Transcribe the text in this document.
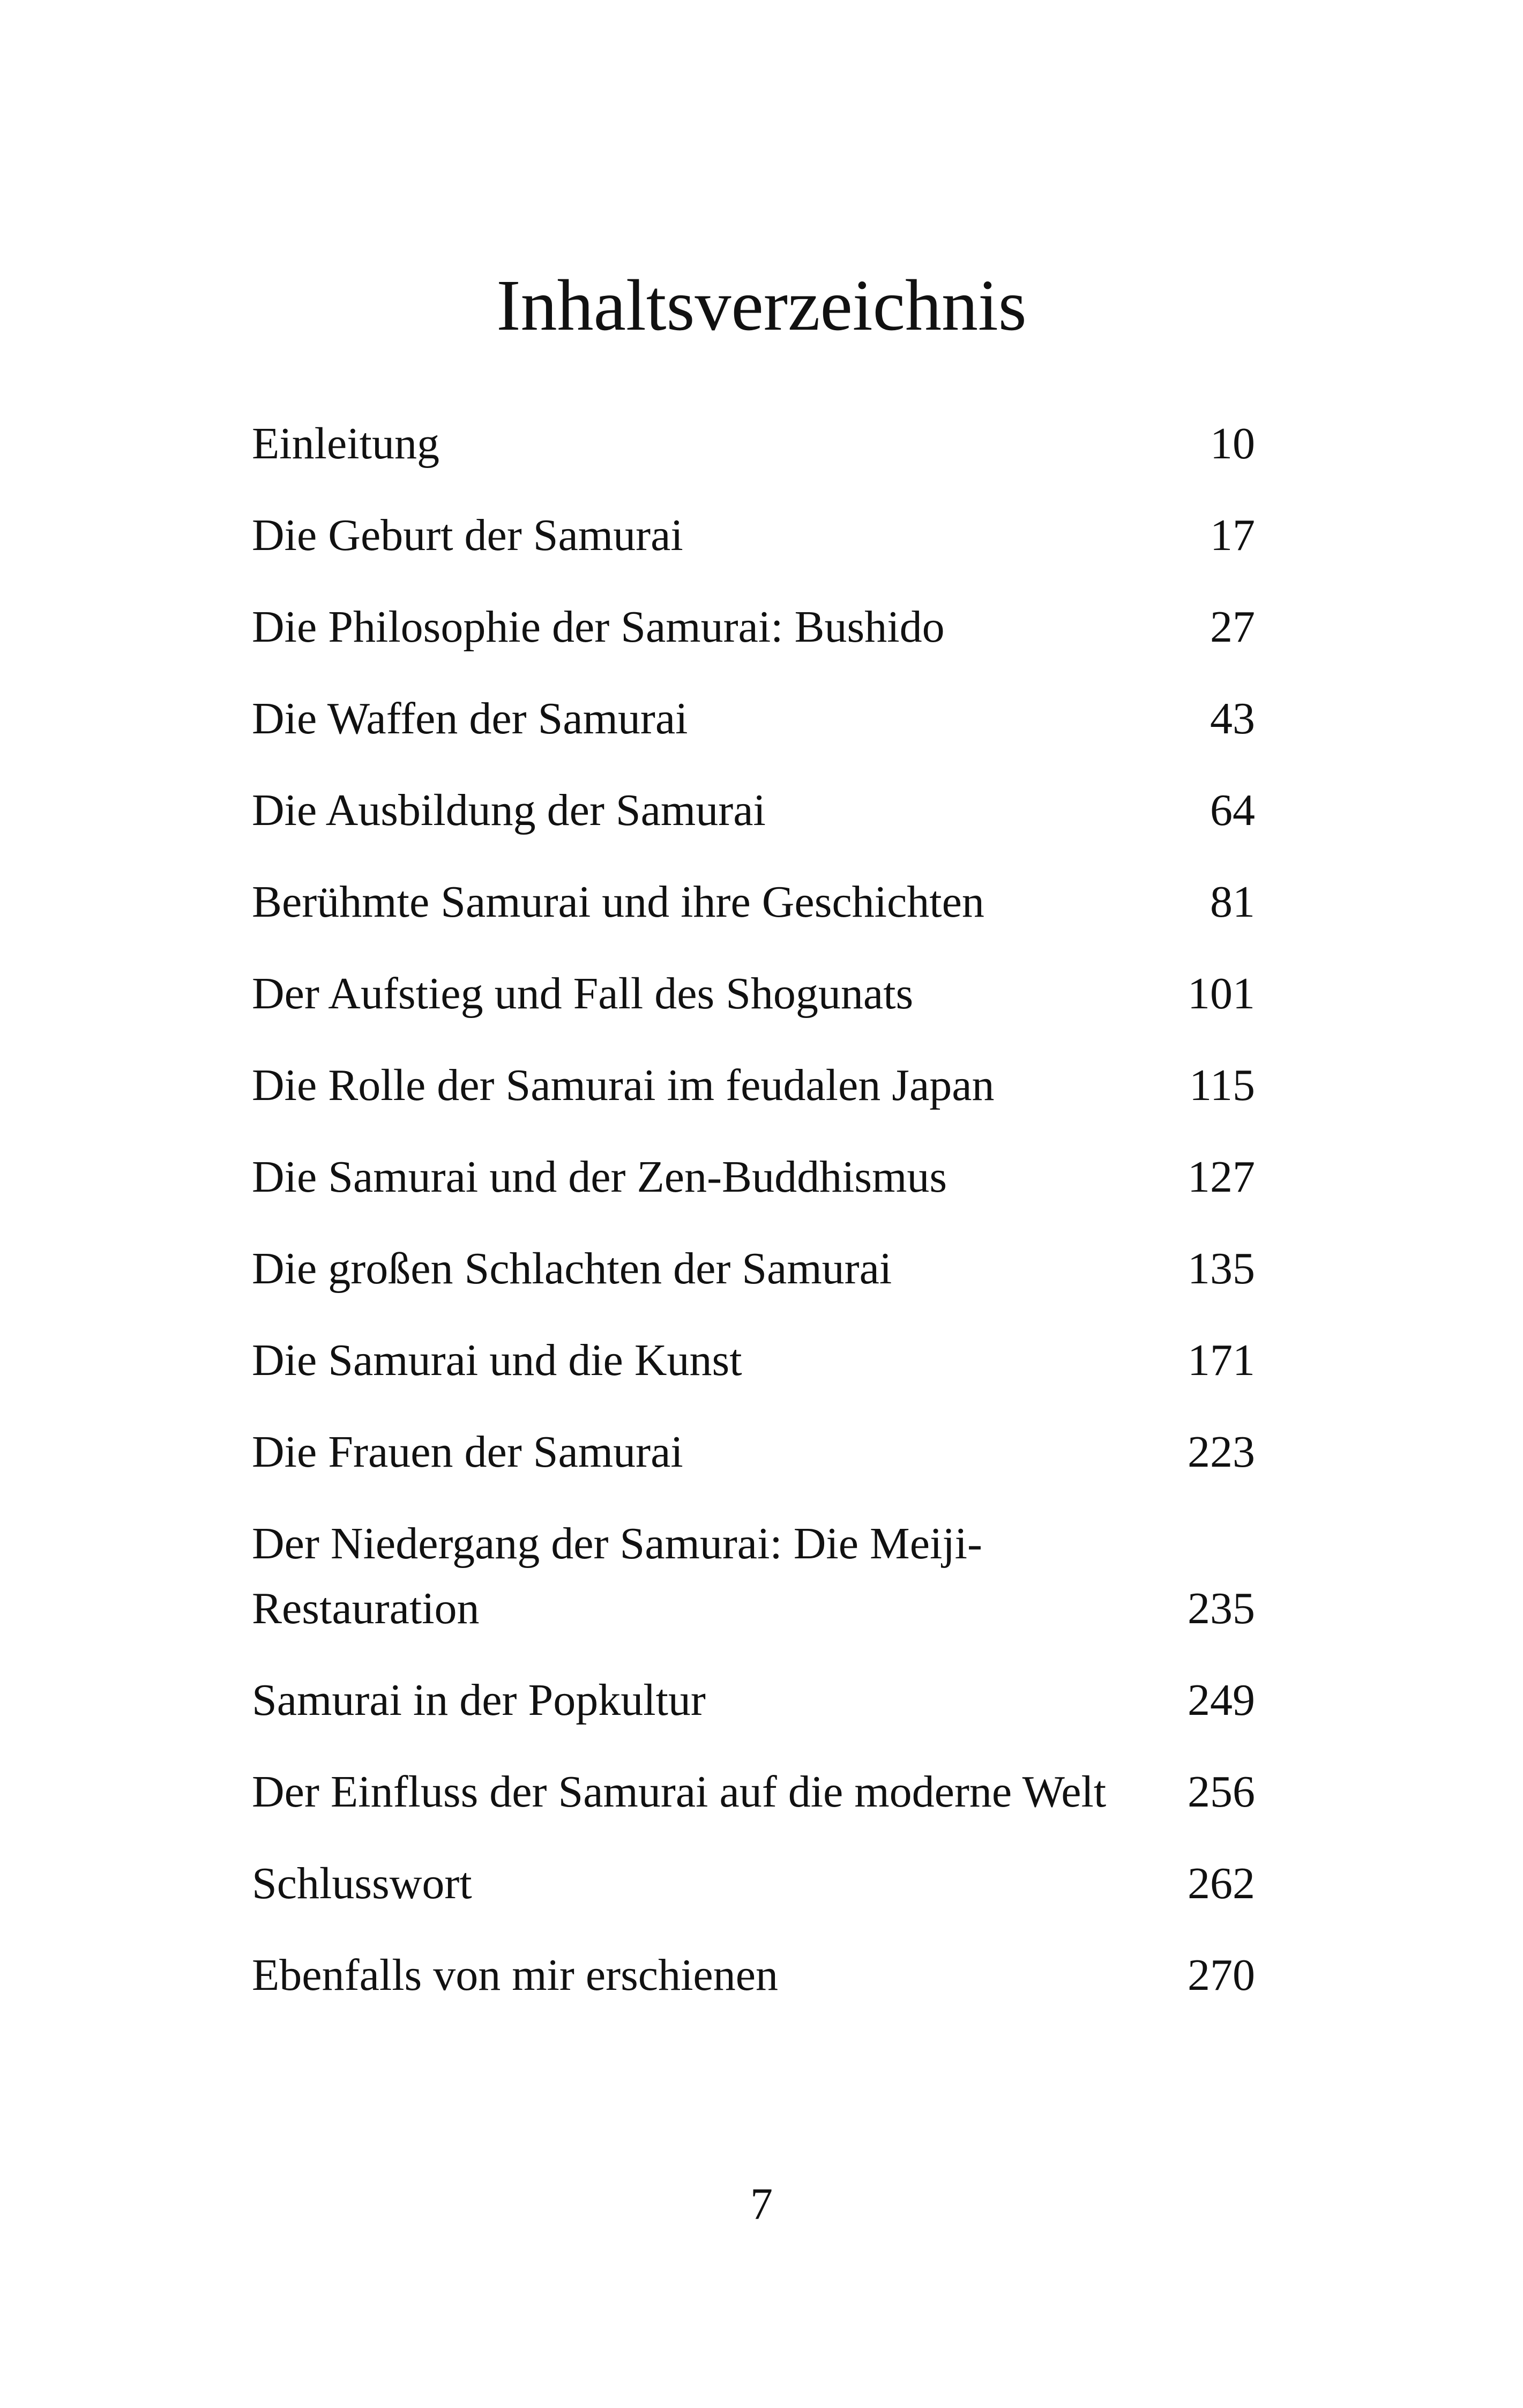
Inhaltsverzeichnis
Einleitung	10
Die Geburt der Samurai	17
Die Philosophie der Samurai: Bushido	27
Die Waffen der Samurai	43
Die Ausbildung der Samurai	64
Berühmte Samurai und ihre Geschichten	81
Der Aufstieg und Fall des Shogunats	101
Die Rolle der Samurai im feudalen Japan	115
Die Samurai und der Zen-Buddhismus	127
Die großen Schlachten der Samurai	135
Die Samurai und die Kunst	171
Die Frauen der Samurai	223
Der Niedergang der Samurai: Die Meiji-
Restauration	235
Samurai in der Popkultur	249
Der Einfluss der Samurai auf die moderne Welt 256
Schlusswort	262
Ebenfalls von mir erschienen	270
7
